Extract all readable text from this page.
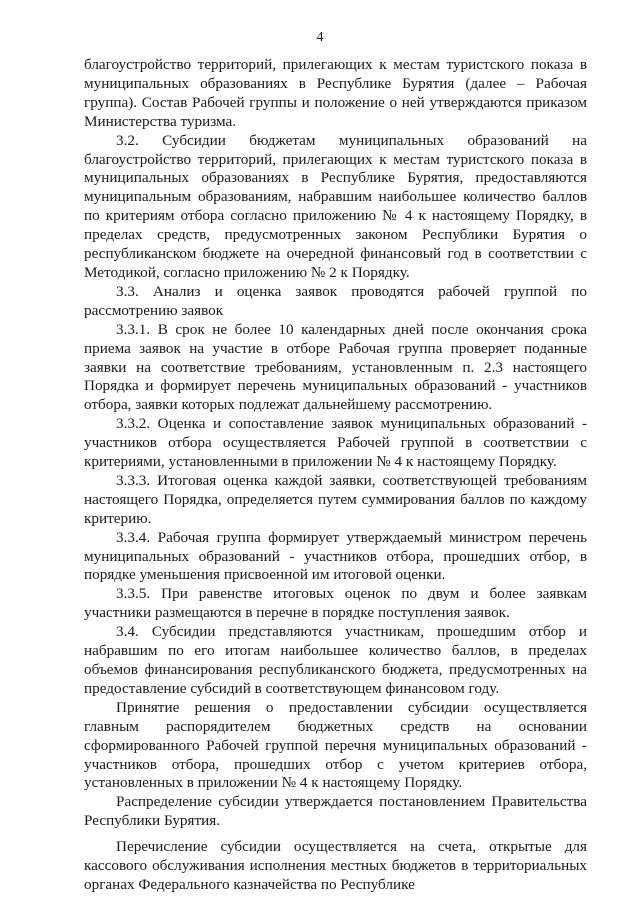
4

благоустройство территорий, прилегающих к местам туристского показа в муниципальных образованиях в Республике Бурятия (далее – Рабочая группа). Состав Рабочей группы и положение о ней утверждаются приказом Министерства туризма.

3.2. Субсидии бюджетам муниципальных образований на благоустройство территорий, прилегающих к местам туристского показа в муниципальных образованиях в Республике Бурятия, предоставляются муниципальным образованиям, набравшим наибольшее количество баллов по критериям отбора согласно приложению № 4 к настоящему Порядку, в пределах средств, предусмотренных законом Республики Бурятия о республиканском бюджете на очередной финансовый год в соответствии с Методикой, согласно приложению № 2 к Порядку.

3.3. Анализ и оценка заявок проводятся рабочей группой по рассмотрению заявок

3.3.1. В срок не более 10 календарных дней после окончания срока приема заявок на участие в отборе Рабочая группа проверяет поданные заявки на соответствие требованиям, установленным п. 2.3 настоящего Порядка и формирует перечень муниципальных образований - участников отбора, заявки которых подлежат дальнейшему рассмотрению.

3.3.2. Оценка и сопоставление заявок муниципальных образований - участников отбора осуществляется Рабочей группой в соответствии с критериями, установленными в приложении № 4 к настоящему Порядку.

3.3.3. Итоговая оценка каждой заявки, соответствующей требованиям настоящего Порядка, определяется путем суммирования баллов по каждому критерию.

3.3.4. Рабочая группа формирует утверждаемый министром перечень муниципальных образований - участников отбора, прошедших отбор, в порядке уменьшения присвоенной им итоговой оценки.

3.3.5. При равенстве итоговых оценок по двум и более заявкам участники размещаются в перечне в порядке поступления заявок.

3.4. Субсидии представляются участникам, прошедшим отбор и набравшим по его итогам наибольшее количество баллов, в пределах объемов финансирования республиканского бюджета, предусмотренных на предоставление субсидий в соответствующем финансовом году.

Принятие решения о предоставлении субсидии осуществляется главным распорядителем бюджетных средств на основании сформированного Рабочей группой перечня муниципальных образований - участников отбора, прошедших отбор с учетом критериев отбора, установленных в приложении № 4 к настоящему Порядку.

Распределение субсидии утверждается постановлением Правительства Республики Бурятия.

Перечисление субсидии осуществляется на счета, открытые для кассового обслуживания исполнения местных бюджетов в территориальных органах Федерального казначейства по Республике
